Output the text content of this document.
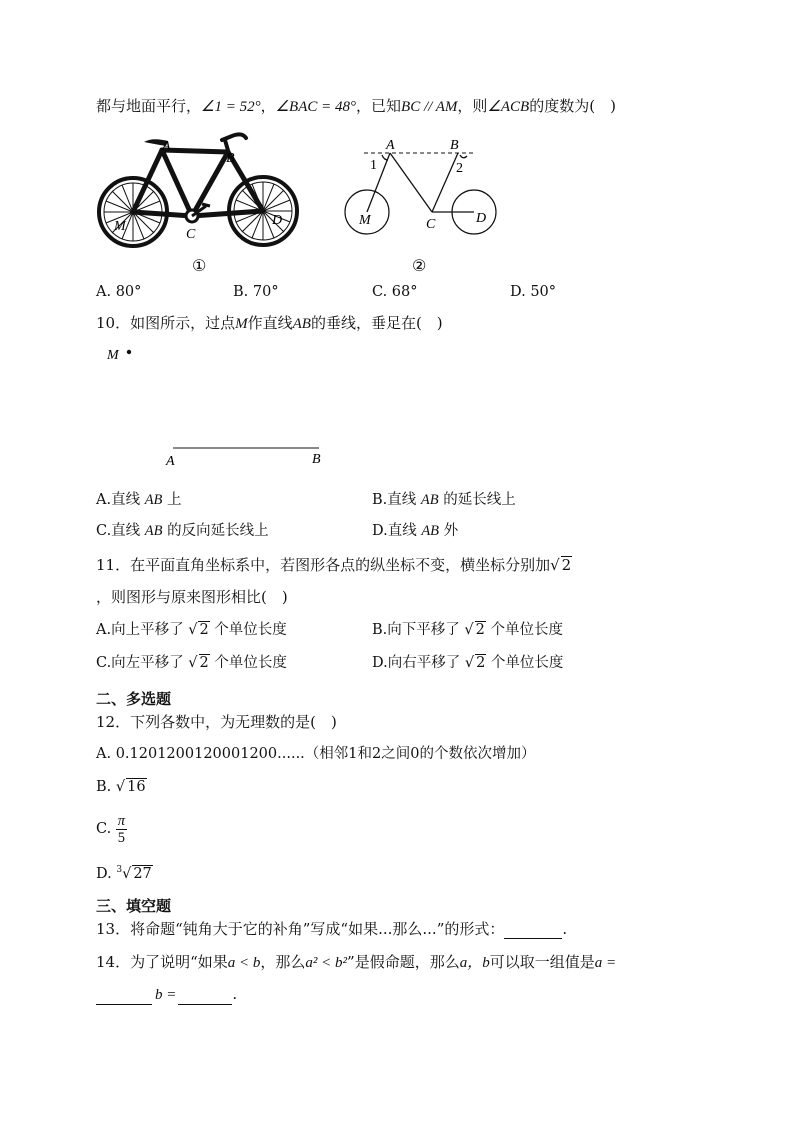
都与地面平行，∠1 = 52°，∠BAC = 48°，已知BC // AM，则∠ACB的度数为(　)
A
B
C
D
M
①
A	B
C	D
M
1	2
②
A. 80°	B. 70°	C. 68°	D. 50°
10．如图所示，过点M作直线AB的垂线，垂足在(　)
M
A	B
A.直线 AB 上	B.直线 AB 的延长线上
C.直线 AB 的反向延长线上	D.直线 AB 外
11．在平面直角坐标系中，若图形各点的纵坐标不变，横坐标分别加√ 2
，则图形与原来图形相比(　)
A.向上平移了 √ 2 个单位长度	B.向下平移了 √ 2 个单位长度
C.向左平移了 √ 2 个单位长度	D.向右平移了 √ 2 个单位长度
二、多选题
12．下列各数中，为无理数的是(　)
A. 0.1201200120001200......（相邻1和2之间0的个数依次增加）
B. √ 16
C. $\frac{\pi}{5}$
D. $^3$√ 27
三、填空题
13．将命题“钝角大于它的补角”写成“如果...那么...”的形式：	.
14．为了说明“如果a < b，那么a² < b²”是假命题，那么a，b可以取一组值是a =
b =	.
